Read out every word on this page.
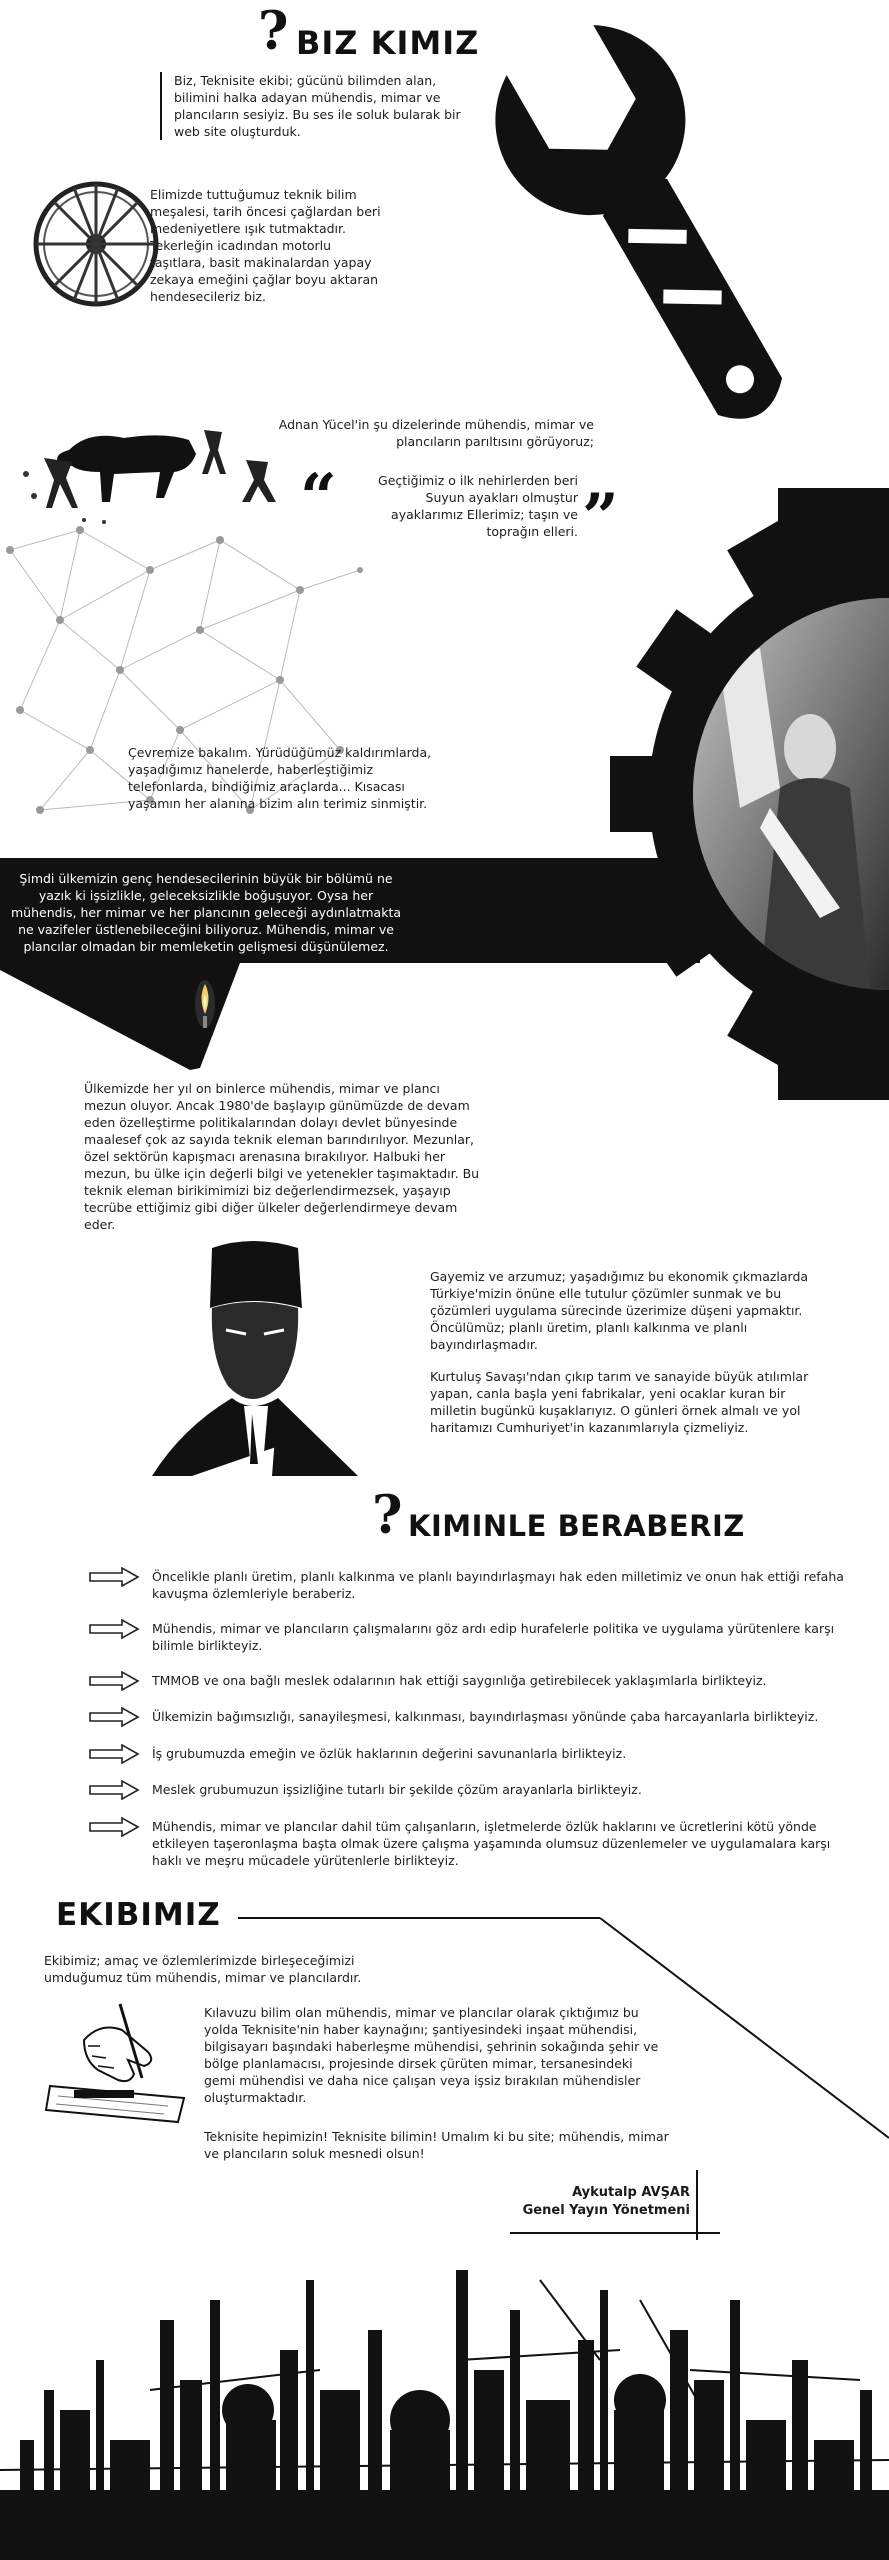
? BIZ KIMIZ

Biz, Teknisite ekibi; gücünü bilimden alan, bilimini halka adayan mühendis, mimar ve plancıların sesiyiz. Bu ses ile soluk bularak bir web site oluşturduk.

Elimizde tuttuğumuz teknik bilim meşalesi, tarih öncesi çağlardan beri medeniyetlere ışık tutmaktadır. Tekerleğin icadından motorlu taşıtlara, basit makinalardan yapay zekaya emeğini çağlar boyu aktaran hendesecileriz biz.

Adnan Yücel'in şu dizelerinde mühendis, mimar ve plancıların parıltısını görüyoruz;

“	Geçtiğimiz o ilk nehirlerden beri Suyun ayakları olmuştur ayaklarımız Ellerimiz; taşın ve toprağın elleri. ”

Çevremize bakalım. Yürüdüğümüz kaldırımlarda, yaşadığımız hanelerde, haberleştiğimiz telefonlarda, bindiğimiz araçlarda... Kısacası yaşamın her alanına bizim alın terimiz sinmiştir.

Şimdi ülkemizin genç hendesecilerinin büyük bir bölümü ne yazık ki işsizlikle, geleceksizlikle boğuşuyor. Oysa her mühendis, her mimar ve her plancının geleceği aydınlatmakta ne vazifeler üstlenebileceğini biliyoruz. Mühendis, mimar ve plancılar olmadan bir memleketin gelişmesi düşünülemez.

Ülkemizde her yıl on binlerce mühendis, mimar ve plancı mezun oluyor. Ancak 1980'de başlayıp günümüzde de devam eden özelleştirme politikalarından dolayı devlet bünyesinde maalesef çok az sayıda teknik eleman barındırılıyor. Mezunlar, özel sektörün kapışmacı arenasına bırakılıyor. Halbuki her mezun, bu ülke için değerli bilgi ve yetenekler taşımaktadır. Bu teknik eleman birikimimizi biz değerlendirmezsek, yaşayıp tecrübe ettiğimiz gibi diğer ülkeler değerlendirmeye devam eder.

Gayemiz ve arzumuz; yaşadığımız bu ekonomik çıkmazlarda Türkiye'mizin önüne elle tutulur çözümler sunmak ve bu çözümleri uygulama sürecinde üzerimize düşeni yapmaktır. Öncülümüz; planlı üretim, planlı kalkınma ve planlı bayındırlaşmadır.

Kurtuluş Savaşı'ndan çıkıp tarım ve sanayide büyük atılımlar yapan, canla başla yeni fabrikalar, yeni ocaklar kuran bir milletin bugünkü kuşaklarıyız. O günleri örnek almalı ve yol haritamızı Cumhuriyet'in kazanımlarıyla çizmeliyiz.

? KIMINLE BERABERIZ
Öncelikle planlı üretim, planlı kalkınma ve planlı bayındırlaşmayı hak eden milletimiz ve onun hak ettiği refaha kavuşma özlemleriyle beraberiz.
Mühendis, mimar ve plancıların çalışmalarını göz ardı edip hurafelerle politika ve uygulama yürütenlere karşı bilimle birlikteyiz.
TMMOB ve ona bağlı meslek odalarının hak ettiği saygınlığa getirebilecek yaklaşımlarla birlikteyiz.
Ülkemizin bağımsızlığı, sanayileşmesi, kalkınması, bayındırlaşması yönünde çaba harcayanlarla birlikteyiz.
İş grubumuzda emeğin ve özlük haklarının değerini savunanlarla birlikteyiz.
Meslek grubumuzun işsizliğine tutarlı bir şekilde çözüm arayanlarla birlikteyiz.
Mühendis, mimar ve plancılar dahil tüm çalışanların, işletmelerde özlük haklarını ve ücretlerini kötü yönde etkileyen taşeronlaşma başta olmak üzere çalışma yaşamında olumsuz düzenlemeler ve uygulamalara karşı haklı ve meşru mücadele yürütenlerle birlikteyiz.
EKIBIMIZ

Ekibimiz; amaç ve özlemlerimizde birleşeceğimizi umduğumuz tüm mühendis, mimar ve plancılardır.

Kılavuzu bilim olan mühendis, mimar ve plancılar olarak çıktığımız bu yolda Teknisite'nin haber kaynağını; şantiyesindeki inşaat mühendisi, bilgisayarı başındaki haberleşme mühendisi, şehrinin sokağında şehir ve bölge planlamacısı, projesinde dirsek çürüten mimar, tersanesindeki gemi mühendisi ve daha nice çalışan veya işsiz bırakılan mühendisler oluşturmaktadır.

Teknisite hepimizin! Teknisite bilimin! Umalım ki bu site; mühendis, mimar ve plancıların soluk mesnedi olsun!

Aykutalp AVŞAR
Genel Yayın Yönetmeni
